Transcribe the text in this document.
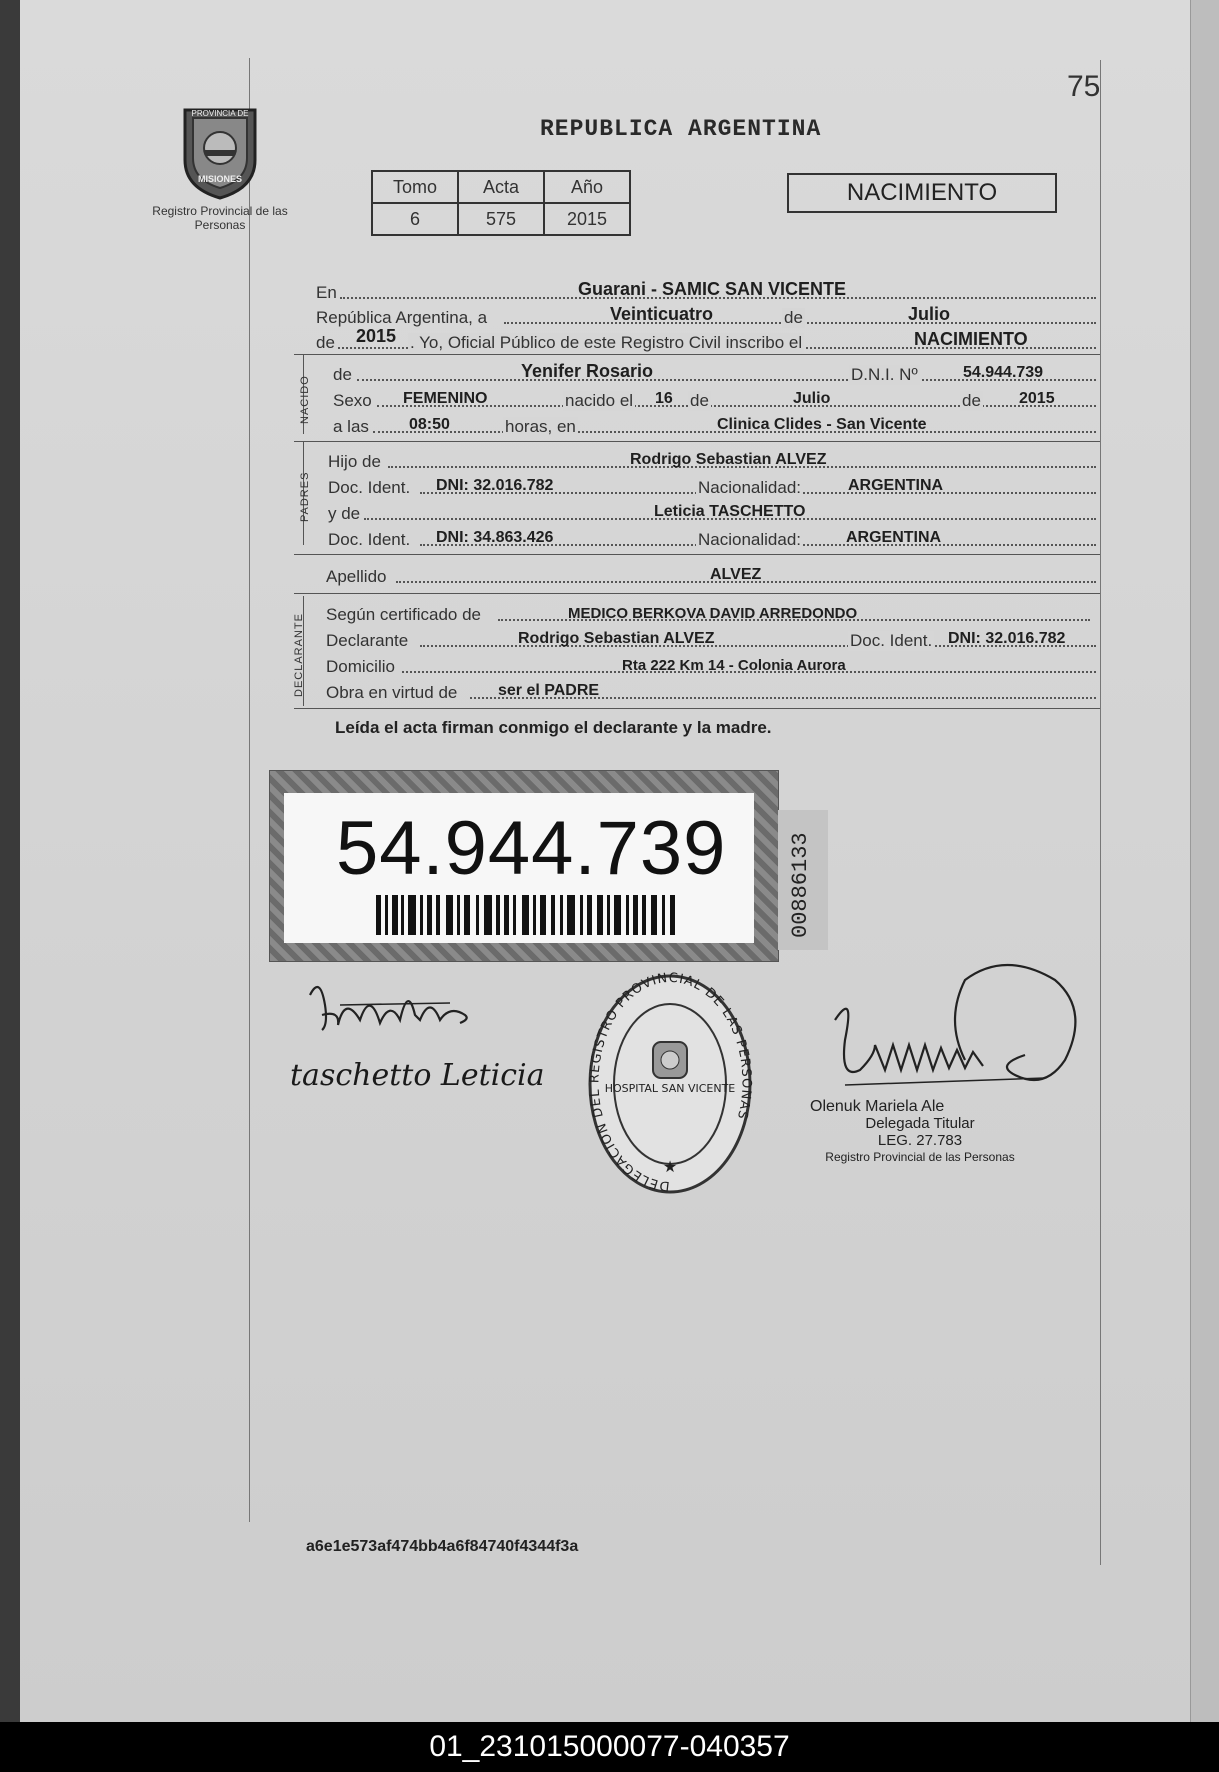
75
PROVINCIA DE
MISIONES
Registro Provincial de las Personas
REPUBLICA ARGENTINA
Tomo	Acta	Año
6	575	2015
NACIMIENTO
En	Guarani - SAMIC SAN VICENTE
República Argentina, a	Veinticuatro	de	Julio
de 2015 . Yo, Oficial Público de este Registro Civil inscribo el	NACIMIENTO
NACIDO
de	Yenifer Rosario	D.N.I. Nº	54.944.739
Sexo FEMENINO	nacido el 16 de	Julio	de 2015
a las	08:50	horas, en	Clinica Clides - San Vicente
PADRES
Hijo de	Rodrigo Sebastian ALVEZ
Doc. Ident. DNI: 32.016.782	Nacionalidad:	ARGENTINA
y de	Leticia TASCHETTO
Doc. Ident. DNI: 34.863.426	Nacionalidad:	ARGENTINA
Apellido	ALVEZ
DECLARANTE Según certificado de	MEDICO BERKOVA DAVID ARREDONDO
Declarante	Rodrigo Sebastian ALVEZ	Doc. Ident. DNI: 32.016.782
Domicilio	Rta 222 Km 14 - Colonia Aurora
Obra en virtud de	ser el PADRE
Leída el acta firman conmigo el declarante y la madre.
54.944.739	00886133
taschetto Leticia
DELEGACION DEL REGISTRO PROVINCIAL DE LAS PERSONAS
HOSPITAL SAN VICENTE
★
Olenuk Mariela Ale
Delegada Titular
LEG. 27.783
Registro Provincial de las Personas
a6e1e573af474bb4a6f84740f4344f3a
01_231015000077-040357
